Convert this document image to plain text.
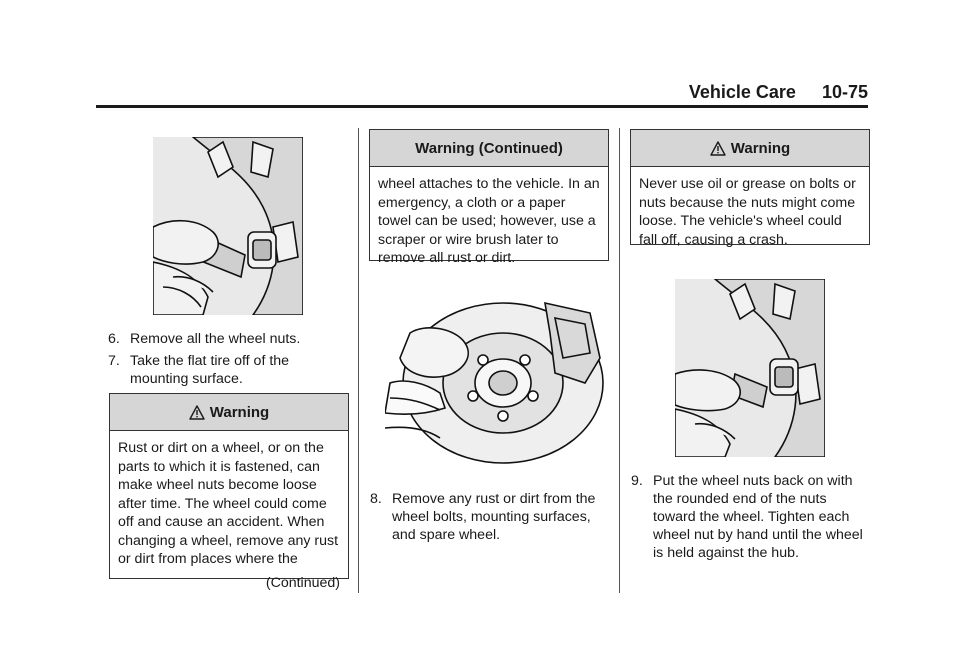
Vehicle Care 10-75
6. Remove all the wheel nuts.
7. Take the flat tire off of the mounting surface.
Warning
Rust or dirt on a wheel, or on the parts to which it is fastened, can make wheel nuts become loose after time. The wheel could come off and cause an accident. When changing a wheel, remove any rust or dirt from places where the
(Continued)
Warning (Continued)
wheel attaches to the vehicle. In an emergency, a cloth or a paper towel can be used; however, use a scraper or wire brush later to remove all rust or dirt.
8. Remove any rust or dirt from the wheel bolts, mounting surfaces, and spare wheel.
Warning
Never use oil or grease on bolts or nuts because the nuts might come loose. The vehicle's wheel could fall off, causing a crash.
9. Put the wheel nuts back on with the rounded end of the nuts toward the wheel. Tighten each wheel nut by hand until the wheel is held against the hub.
